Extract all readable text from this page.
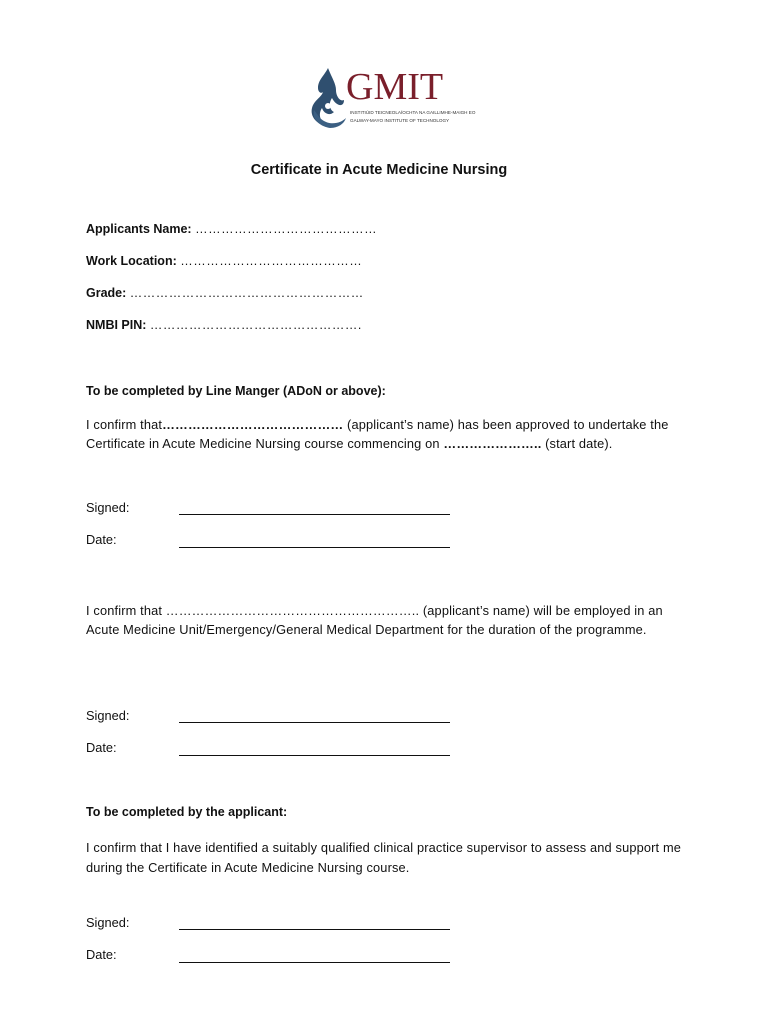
GMIT
INSTITIÚID TEICNEOLAÍOCHTA NA GAILLIMHE-MAIGH EO
GALWAY-MAYO INSTITUTE OF TECHNOLOGY
Certificate in Acute Medicine Nursing
Applicants Name: ……………………………………
Work Location: ……………………………………
Grade: ………………………………………………
NMBI PIN: ………………………………………….
To be completed by Line Manger (ADoN or above):
I confirm that…………………………………… (applicant’s name) has been approved to undertake the Certificate in Acute Medicine Nursing course commencing on ………………….. (start date).
Signed:
Date:
I confirm that ………………………………………………….. (applicant’s name) will be employed in an Acute Medicine Unit/Emergency/General Medical Department for the duration of the programme.
Signed:
Date:
To be completed by the applicant:
I confirm that I have identified a suitably qualified clinical practice supervisor to assess and support me during the Certificate in Acute Medicine Nursing course.
Signed:
Date:
